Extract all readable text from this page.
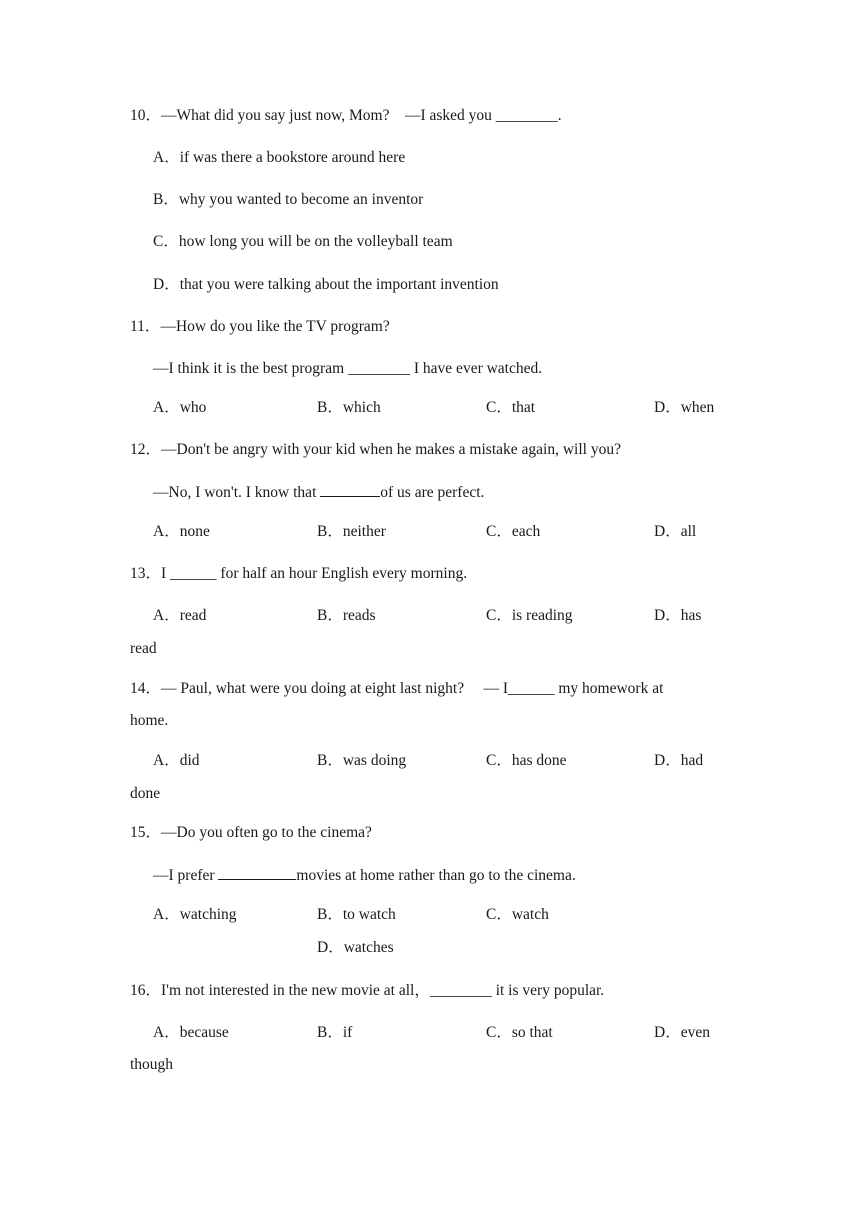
10．—What did you say just now, Mom?　—I asked you ________.
A．if was there a bookstore around here
B．why you wanted to become an inventor
C．how long you will be on the volleyball team
D．that you were talking about the important invention
11．—How do you like the TV program?
—I think it is the best program ________ I have ever watched.
A．who	B．which	C．that	D．when
12．—Don't be angry with your kid when he makes a mistake again, will you?
—No, I won't. I know that	of us are perfect.
A．none	B．neither	C．each	D．all
13．I ______ for half an hour English every morning.
A．read	B．reads	C．is reading	D．has
read
14．— Paul, what were you doing at eight last night?　 — I______ my homework at
home.
A．did	B．was doing	C．has done	D．had
done
15．—Do you often go to the cinema?
—I prefer	movies at home rather than go to the cinema.
A．watching	B．to watch	C．watch
D．watches
16．I'm not interested in the new movie at all，________ it is very popular.
A．because	B．if	C．so that	D．even
though
